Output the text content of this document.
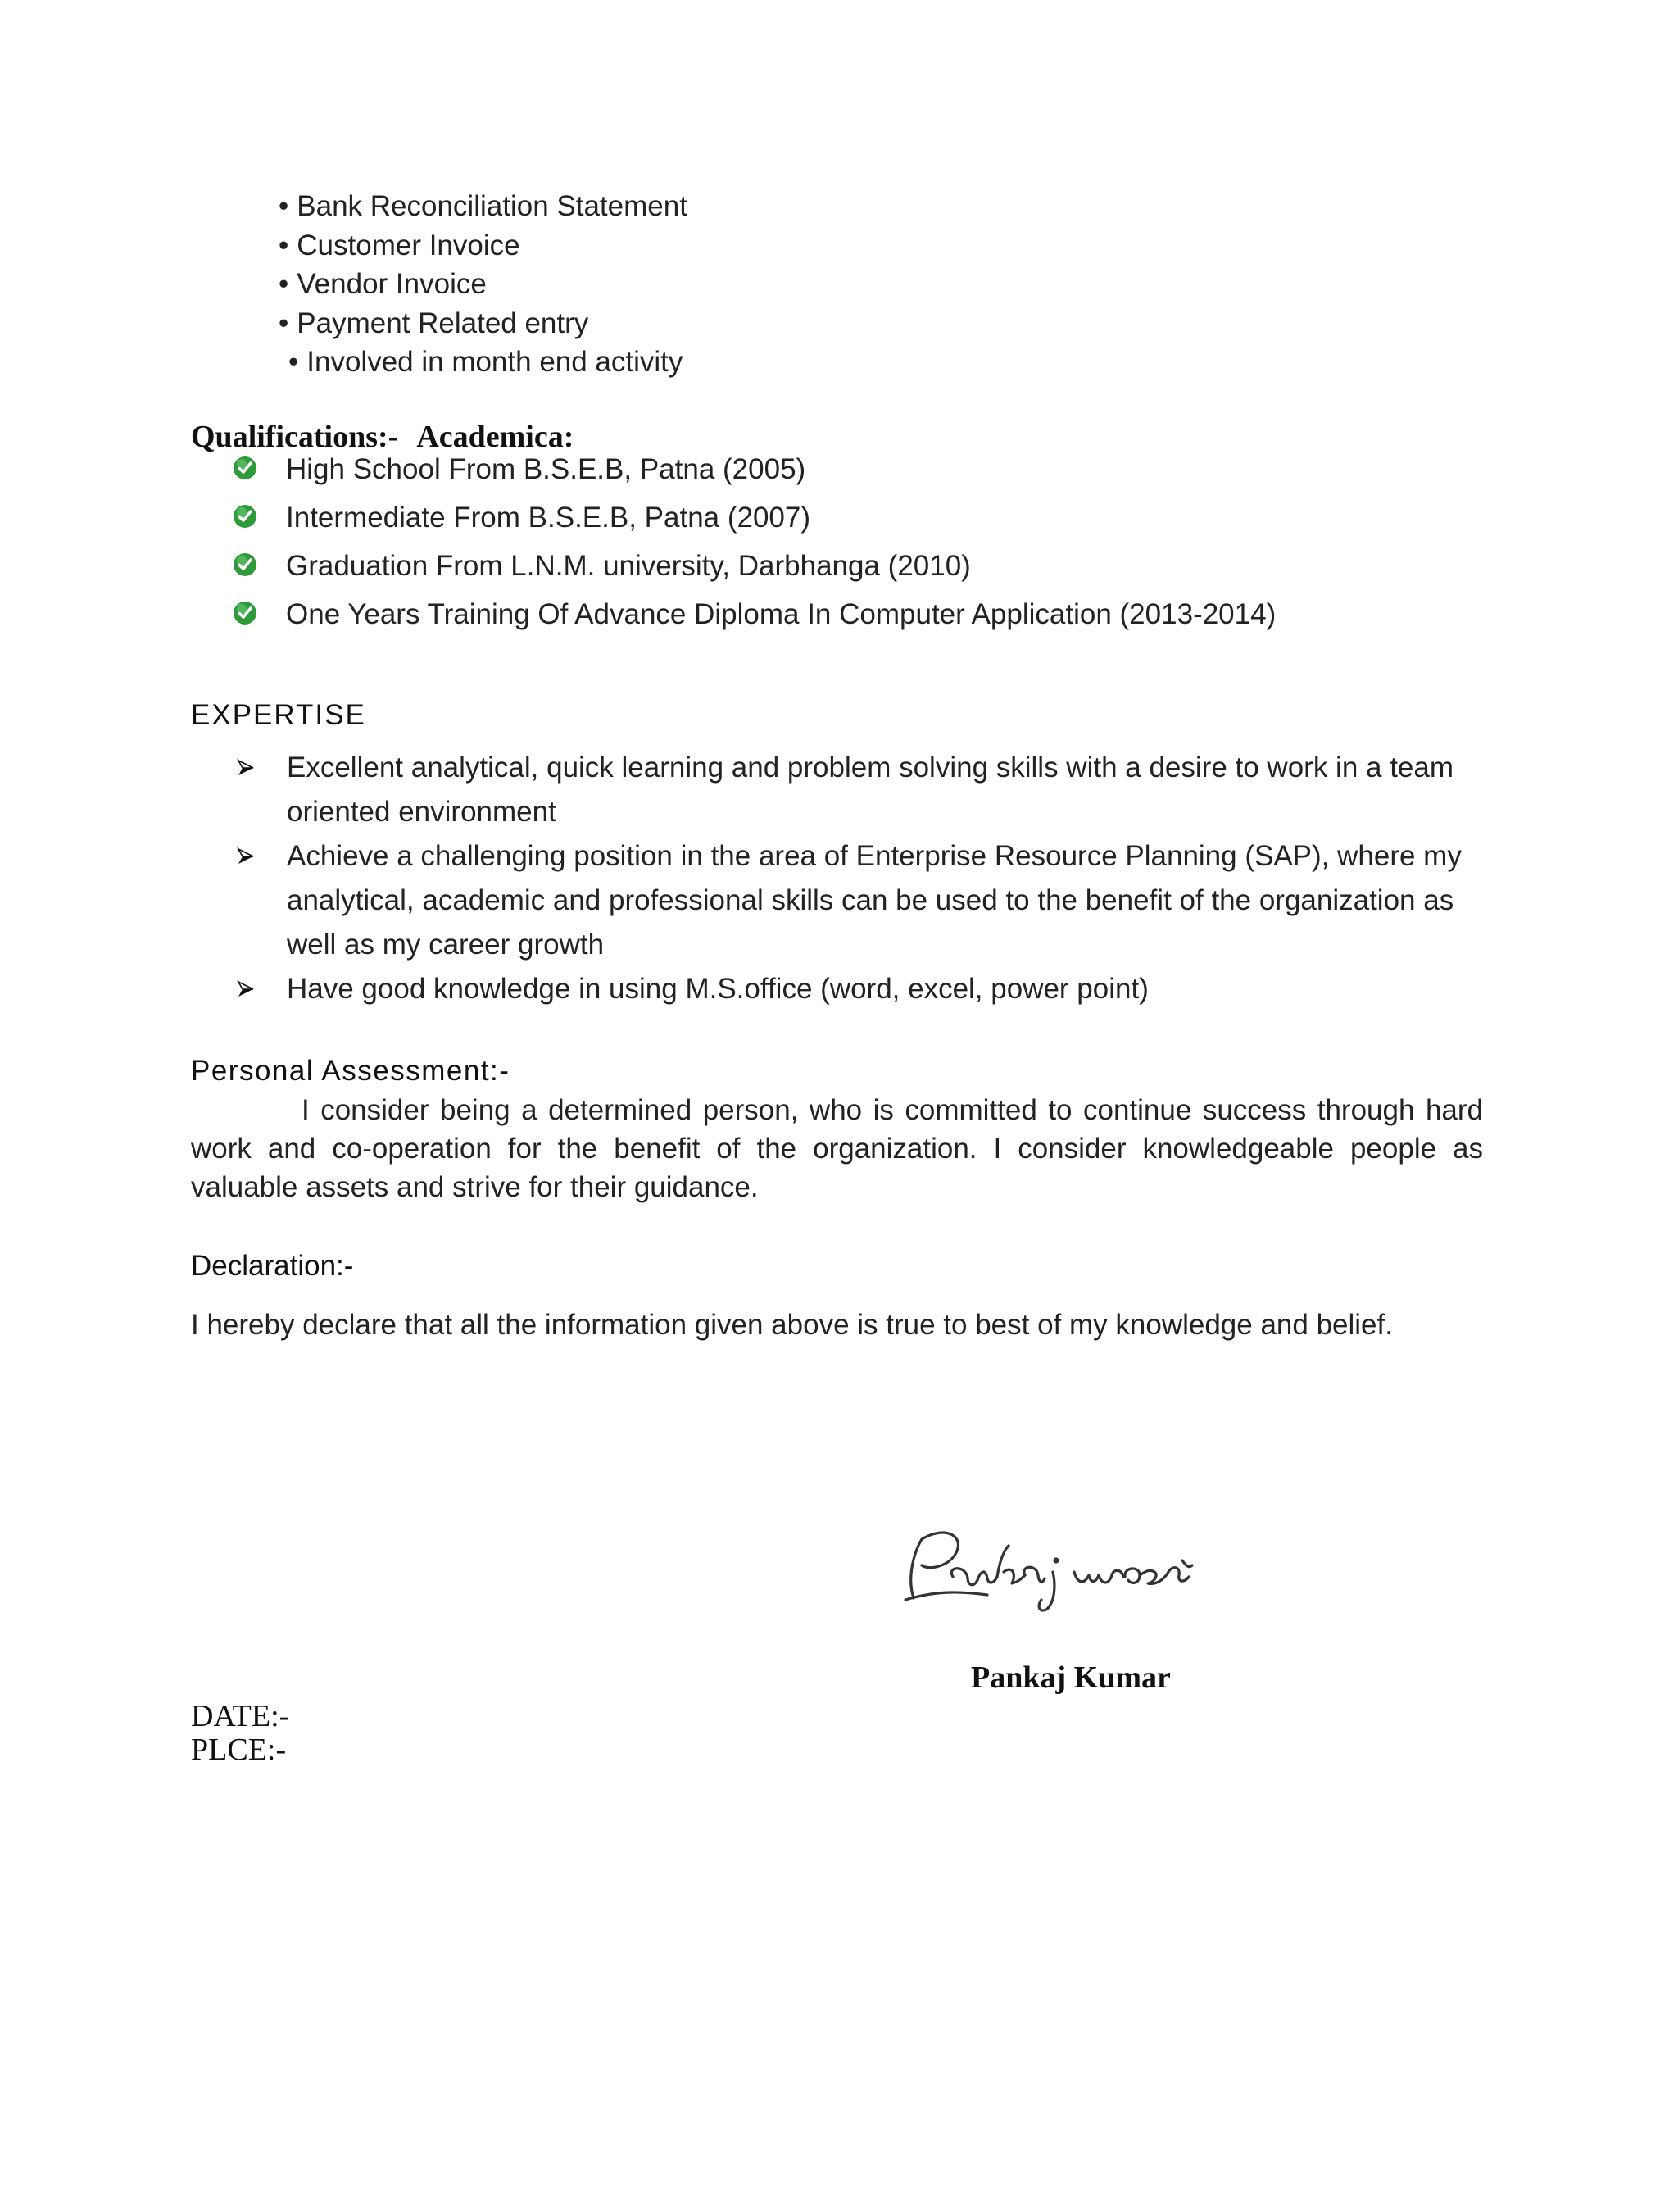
• Bank Reconciliation Statement
• Customer Invoice
• Vendor Invoice
• Payment Related entry
• Involved in month end activity
Qualifications:- Academica:
High School From B.S.E.B, Patna (2005)
Intermediate From B.S.E.B, Patna (2007)
Graduation From L.N.M. university, Darbhanga (2010)
One Years Training Of Advance Diploma In Computer Application (2013-2014)
EXPERTISE
Excellent analytical, quick learning and problem solving skills with a desire to work in a team oriented environment
Achieve a challenging position in the area of Enterprise Resource Planning (SAP), where my analytical, academic and professional skills can be used to the benefit of the organization as well as my career growth
Have good knowledge in using M.S.office (word, excel, power point)
Personal Assessment:-

I consider being a determined person, who is committed to continue success through hard work and co-operation for the benefit of the organization. I consider knowledgeable people as valuable assets and strive for their guidance.

Declaration:-

I hereby declare that all the information given above is true to best of my knowledge and belief.

Pankaj Kumar
Pankaj Kumar
DATE:-
PLCE:-
